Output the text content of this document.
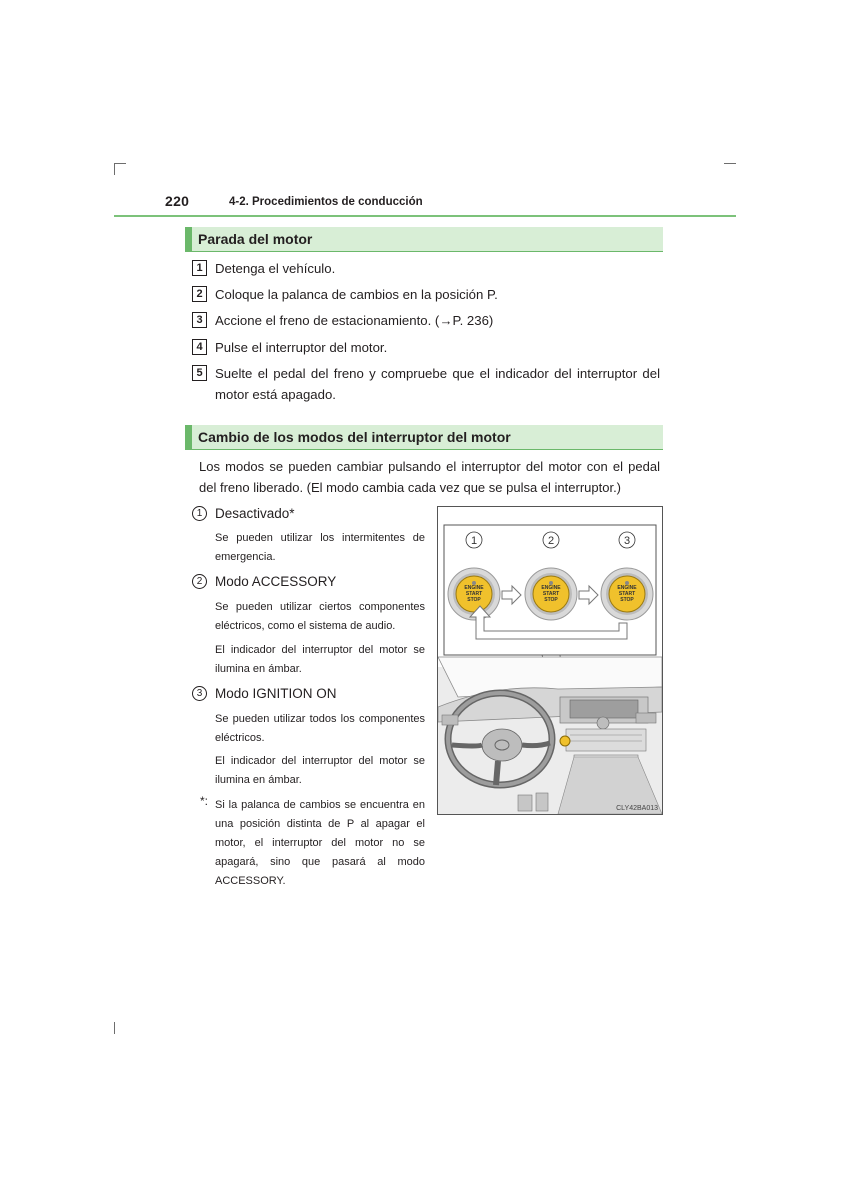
220	4-2. Procedimientos de conducción
Parada del motor
1 Detenga el vehículo.
2 Coloque la palanca de cambios en la posición P.
3 Accione el freno de estacionamiento. (→P. 236)
4 Pulse el interruptor del motor.
5 Suelte el pedal del freno y compruebe que el indicador del interruptor del motor está apagado.
Cambio de los modos del interruptor del motor
Los modos se pueden cambiar pulsando el interruptor del motor con el pedal del freno liberado. (El modo cambia cada vez que se pulsa el interruptor.)
1 Desactivado*
Se pueden utilizar los intermitentes de emergencia.
2 Modo ACCESSORY
Se pueden utilizar ciertos componentes eléctricos, como el sistema de audio.
El indicador del interruptor del motor se ilumina en ámbar.
3 Modo IGNITION ON
Se pueden utilizar todos los componentes eléctricos.
El indicador del interruptor del motor se ilumina en ámbar.
*: Si la palanca de cambios se encuentra en una posición distinta de P al apagar el motor, el interruptor del motor no se apagará, sino que pasará al modo ACCESSORY.
1	2	3
ENGINE
START
STOP
ENGINE
START
STOP
ENGINE
START
STOP
CLY42BA013
